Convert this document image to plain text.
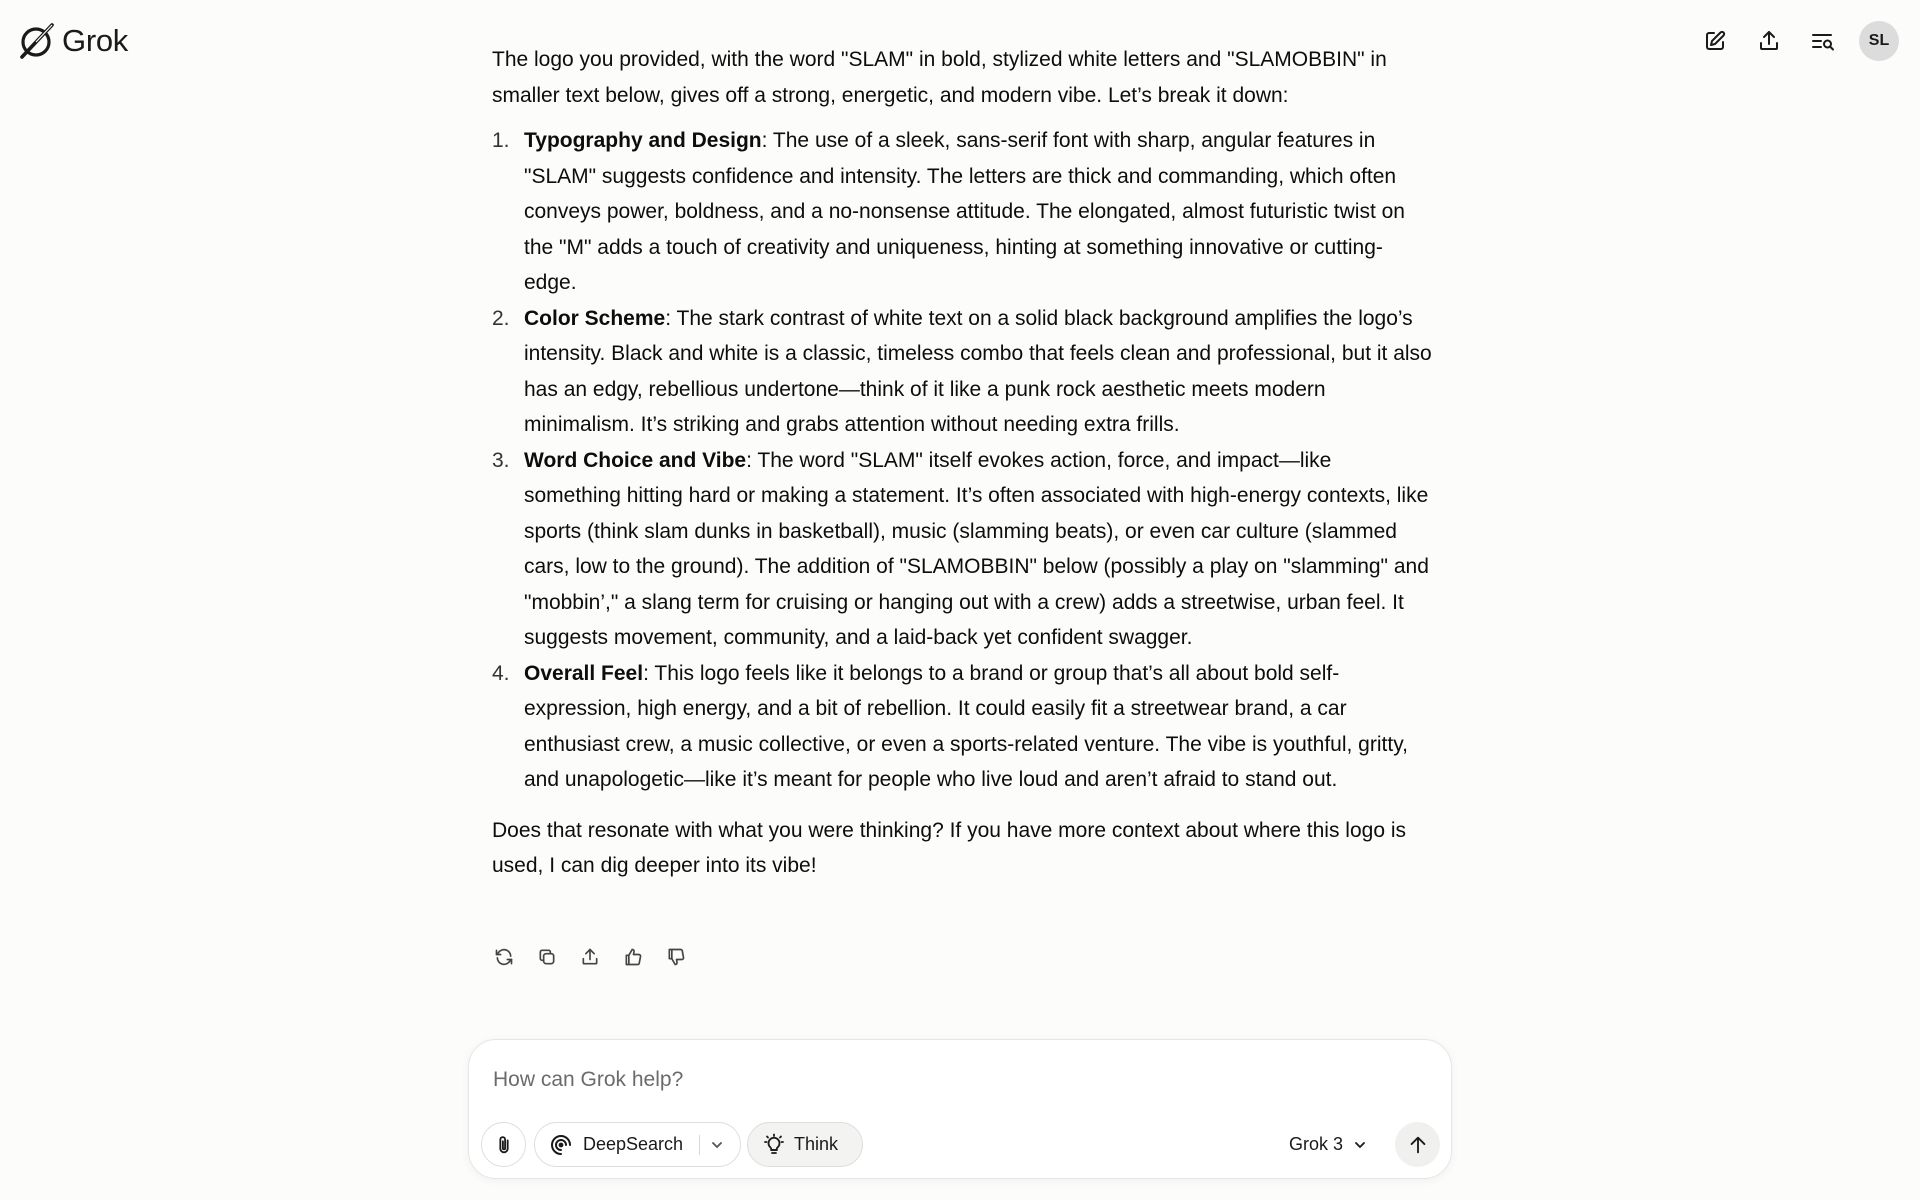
Grok	SL

The logo you provided, with the word "SLAM" in bold, stylized white letters and "SLAMOBBIN" in smaller text below, gives off a strong, energetic, and modern vibe. Let’s break it down:

1. Typography and Design: The use of a sleek, sans-serif font with sharp, angular features in "SLAM" suggests confidence and intensity. The letters are thick and commanding, which often conveys power, boldness, and a no-nonsense attitude. The elongated, almost futuristic twist on the "M" adds a touch of creativity and uniqueness, hinting at something innovative or cutting-edge.
2. Color Scheme: The stark contrast of white text on a solid black background amplifies the logo’s intensity. Black and white is a classic, timeless combo that feels clean and professional, but it also has an edgy, rebellious undertone—think of it like a punk rock aesthetic meets modern minimalism. It’s striking and grabs attention without needing extra frills.
3. Word Choice and Vibe: The word "SLAM" itself evokes action, force, and impact—like something hitting hard or making a statement. It’s often associated with high-energy contexts, like sports (think slam dunks in basketball), music (slamming beats), or even car culture (slammed cars, low to the ground). The addition of "SLAMOBBIN" below (possibly a play on "slamming" and "mobbin’," a slang term for cruising or hanging out with a crew) adds a streetwise, urban feel. It suggests movement, community, and a laid-back yet confident swagger.
4. Overall Feel: This logo feels like it belongs to a brand or group that’s all about bold self-expression, high energy, and a bit of rebellion. It could easily fit a streetwear brand, a car enthusiast crew, a music collective, or even a sports-related venture. The vibe is youthful, gritty, and unapologetic—like it’s meant for people who live loud and aren’t afraid to stand out.

Does that resonate with what you were thinking? If you have more context about where this logo is used, I can dig deeper into its vibe!

How can Grok help?
DeepSearch	Think	Grok 3
